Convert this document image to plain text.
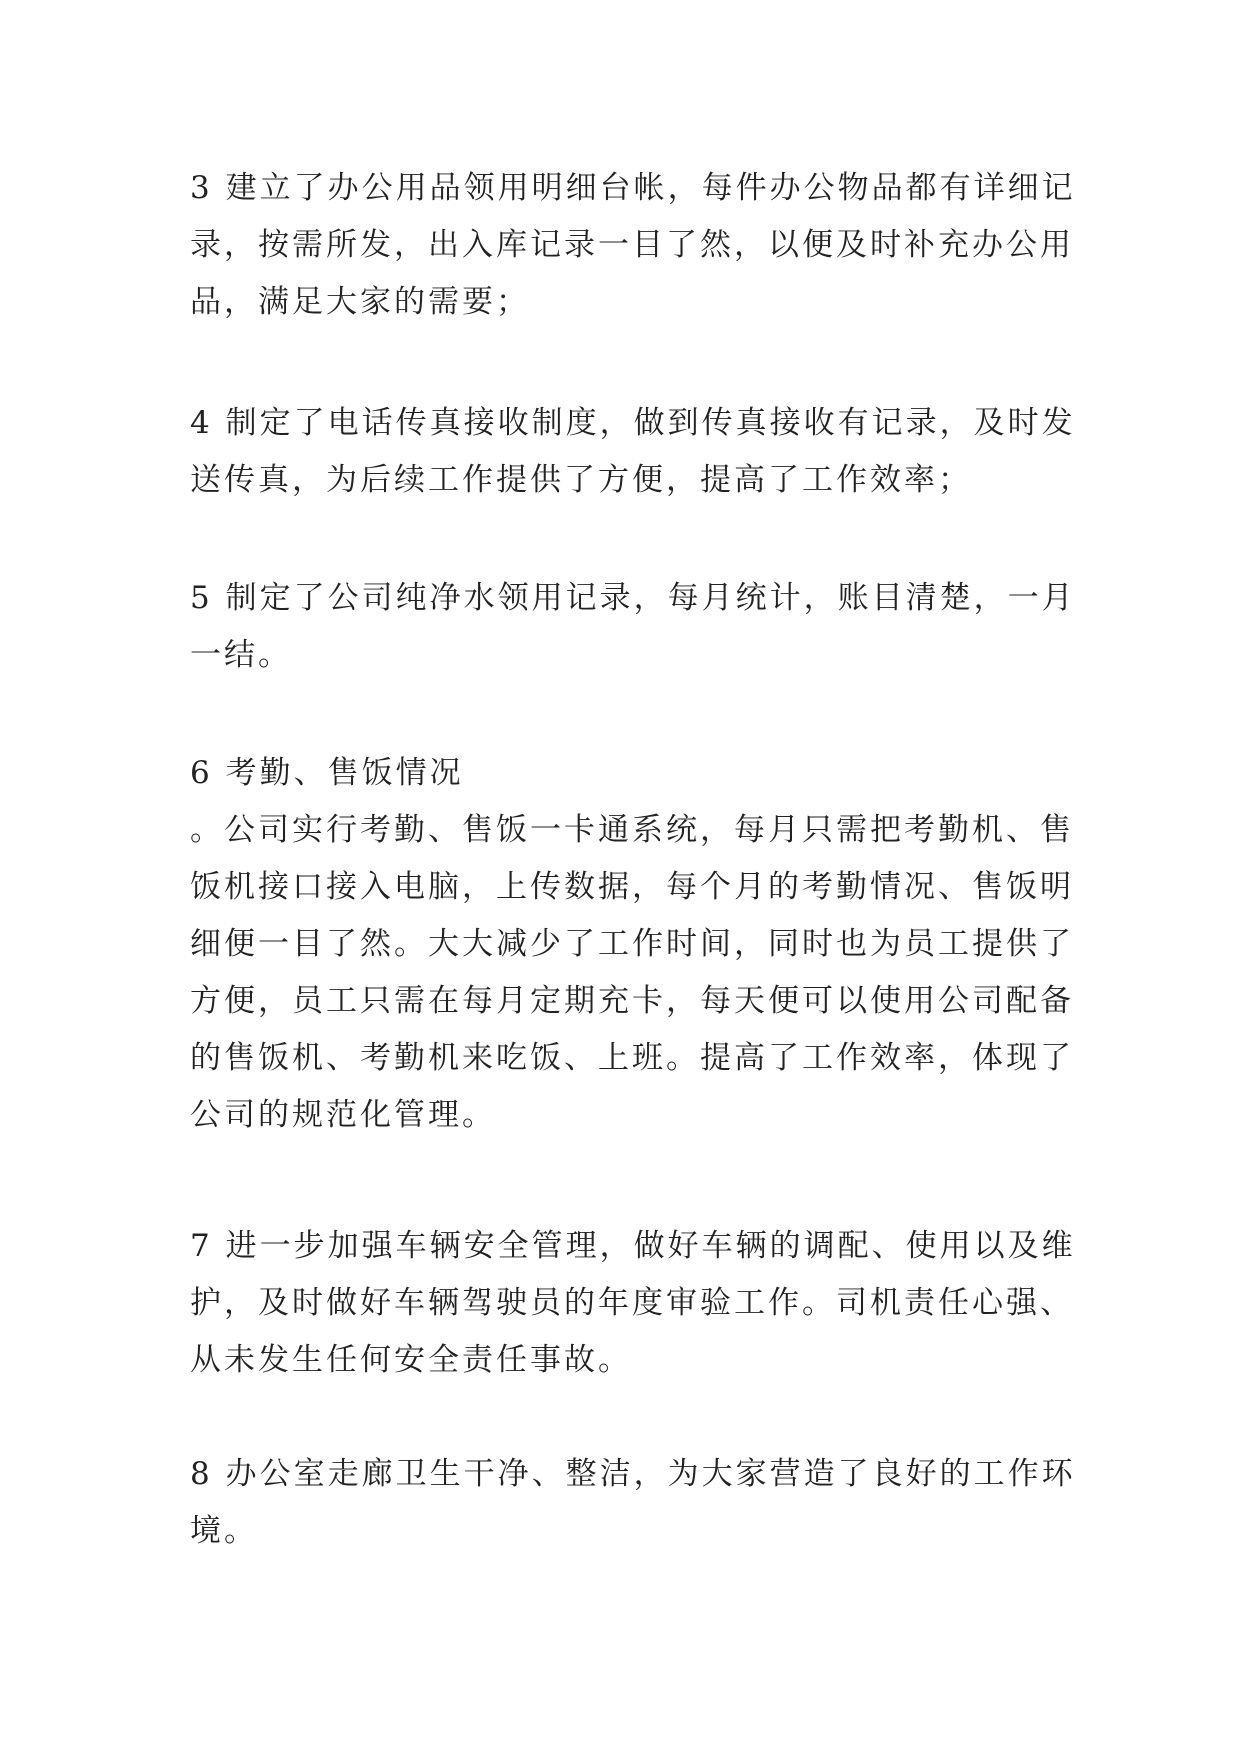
3 建立了办公用品领用明细台帐，每件办公物品都有详细记
录，按需所发，出入库记录一目了然，以便及时补充办公用
品，满足大家的需要；
4 制定了电话传真接收制度，做到传真接收有记录，及时发
送传真，为后续工作提供了方便，提高了工作效率；
5 制定了公司纯净水领用记录，每月统计，账目清楚，一月
一结。
6 考勤、售饭情况
。公司实行考勤、售饭一卡通系统，每月只需把考勤机、售
饭机接口接入电脑，上传数据，每个月的考勤情况、售饭明
细便一目了然。大大减少了工作时间，同时也为员工提供了
方便，员工只需在每月定期充卡，每天便可以使用公司配备
的售饭机、考勤机来吃饭、上班。提高了工作效率，体现了
公司的规范化管理。
7 进一步加强车辆安全管理，做好车辆的调配、使用以及维
护，及时做好车辆驾驶员的年度审验工作。司机责任心强、
从未发生任何安全责任事故。
8 办公室走廊卫生干净、整洁，为大家营造了良好的工作环
境。
